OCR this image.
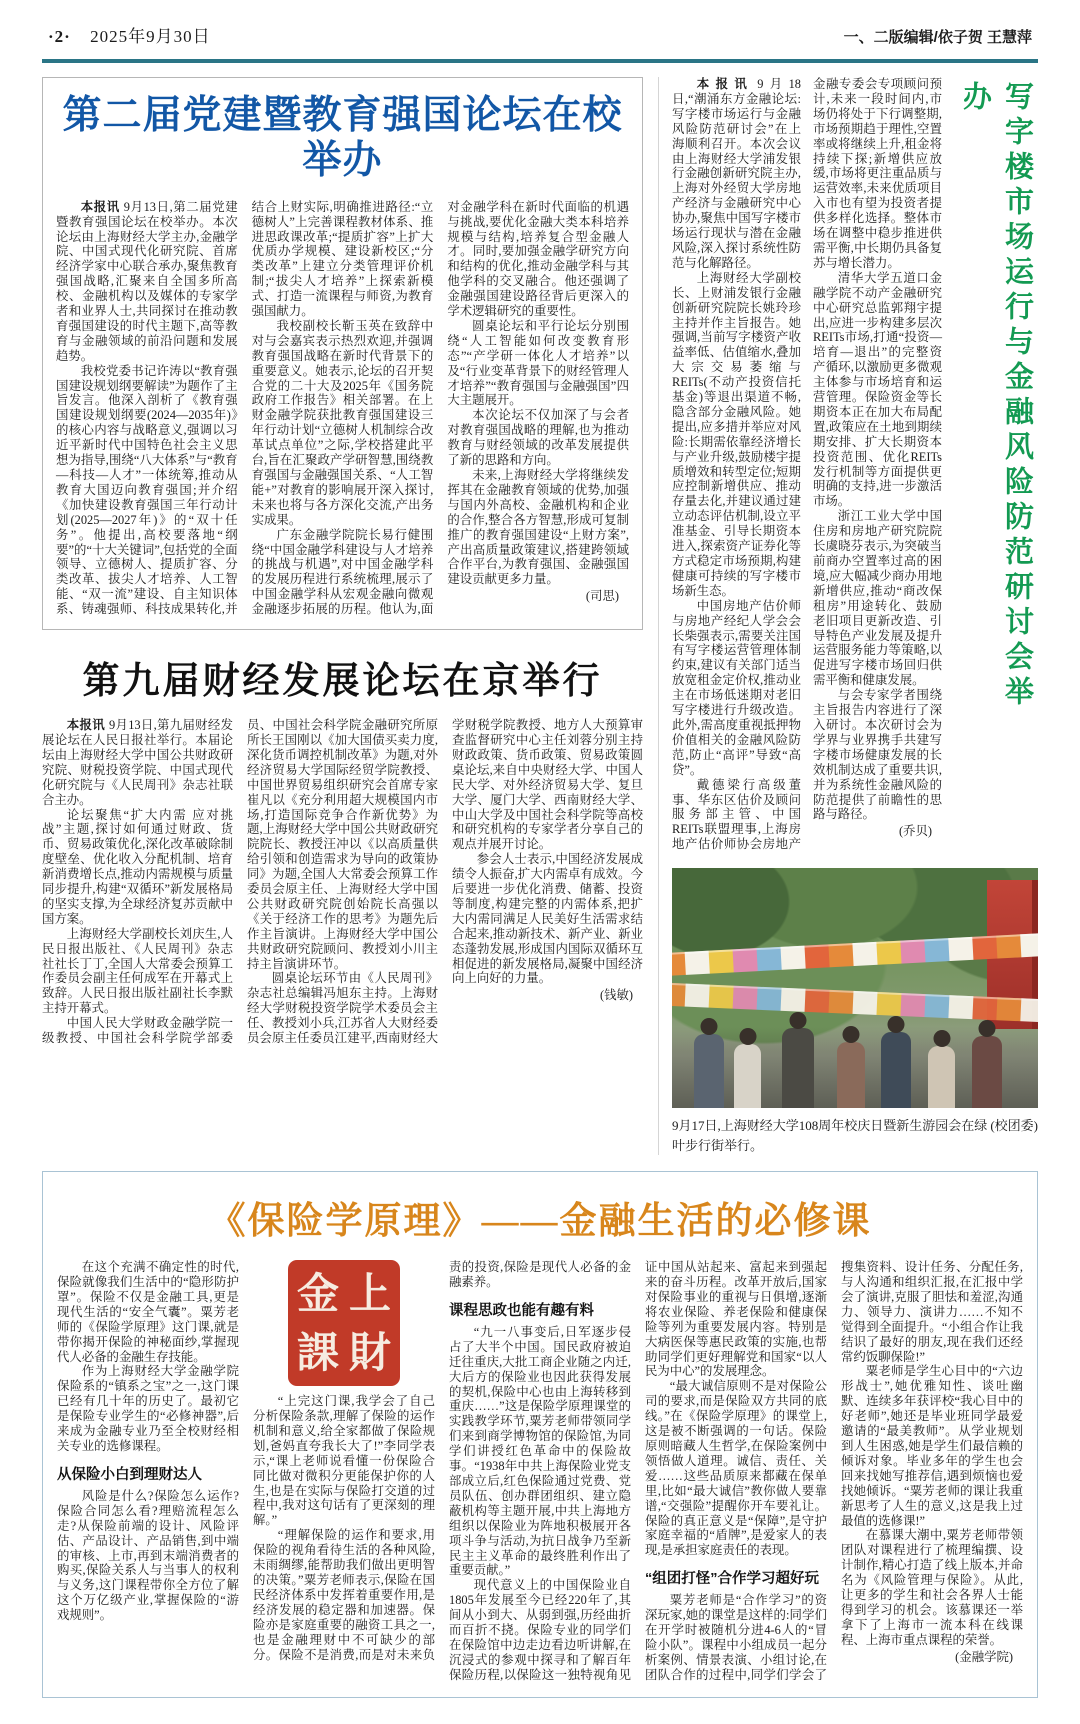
·2· 2025年9月30日	一、二版编辑/依子贺 王慧萍
第二届党建暨教育强国论坛在校举办

本报讯 9月13日,第二届党建暨教育强国论坛在校举办。本次论坛由上海财经大学主办,金融学院、中国式现代化研究院、首席经济学家中心联合承办,聚焦教育强国战略,汇聚来自全国多所高校、金融机构以及媒体的专家学者和业界人士,共同探讨在推动教育强国建设的时代主题下,高等教育与金融领域的前沿问题和发展趋势。

我校党委书记许涛以“教育强国建设规划纲要解读”为题作了主旨发言。他深入剖析了《教育强国建设规划纲要(2024—2035年)》的核心内容与战略意义,强调以习近平新时代中国特色社会主义思想为指导,围绕“八大体系”与“教育—科技—人才”一体统筹,推动从教育大国迈向教育强国;并介绍《加快建设教育强国三年行动计划(2025—2027年)》的“双十任务”。他提出,高校要落地“纲要”的“十大关键词”,包括党的全面领导、立德树人、提质扩容、分类改革、拔尖人才培养、人工智能、“双一流”建设、自主知识体系、铸魂强师、科技成果转化,并结合上财实际,明确推进路径:“立德树人”上完善课程教材体系、推进思政课改革;“提质扩容”上扩大优质办学规模、建设新校区;“分类改革”上建立分类管理评价机制;“拔尖人才培养”上探索新模式、打造一流课程与师资,为教育强国献力。

我校副校长靳玉英在致辞中对与会嘉宾表示热烈欢迎,并强调教育强国战略在新时代背景下的重要意义。她表示,论坛的召开契合党的二十大及2025年《国务院政府工作报告》相关部署。在上财金融学院获批教育强国建设三年行动计划“立德树人机制综合改革试点单位”之际,学校搭建此平台,旨在汇聚政产学研智慧,围绕教育强国与金融强国关系、“人工智能+”对教育的影响展开深入探讨,未来也将与各方深化交流,产出务实成果。

广东金融学院院长易行健围绕“中国金融学科建设与人才培养的挑战与机遇”,对中国金融学科的发展历程进行系统梳理,展示了中国金融学科从宏观金融向微观金融逐步拓展的历程。他认为,面对金融学科在新时代面临的机遇与挑战,要优化金融大类本科培养规模与结构,培养复合型金融人才。同时,要加强金融学研究方向和结构的优化,推动金融学科与其他学科的交叉融合。他还强调了金融强国建设路径背后更深入的学术逻辑研究的重要性。

圆桌论坛和平行论坛分别围绕“人工智能如何改变教育形态”“产学研一体化人才培养”以及“行业变革背景下的财经管理人才培养”“教育强国与金融强国”四大主题展开。

本次论坛不仅加深了与会者对教育强国战略的理解,也为推动教育与财经领域的改革发展提供了新的思路和方向。

未来,上海财经大学将继续发挥其在金融教育领域的优势,加强与国内外高校、金融机构和企业的合作,整合各方智慧,形成可复制推广的教育强国建设“上财方案”,产出高质量政策建议,搭建跨领域合作平台,为教育强国、金融强国建设贡献更多力量。

(司思)

第九届财经发展论坛在京举行

本报讯 9月13日,第九届财经发展论坛在人民日报社举行。本届论坛由上海财经大学中国公共财政研究院、财税投资学院、中国式现代化研究院与《人民周刊》杂志社联合主办。

论坛聚焦“扩大内需 应对挑战”主题,探讨如何通过财政、货币、贸易政策优化,深化改革破除制度壁垒、优化收入分配机制、培育新消费增长点,推动内需规模与质量同步提升,构建“双循环”新发展格局的坚实支撑,为全球经济复苏贡献中国方案。

上海财经大学副校长刘庆生,人民日报出版社、《人民周刊》杂志社社长丁丁,全国人大常委会预算工作委员会副主任何成军在开幕式上致辞。人民日报出版社副社长李默主持开幕式。

中国人民大学财政金融学院一级教授、中国社会科学院学部委员、中国社会科学院金融研究所原所长王国刚以《加大国债买卖力度,深化货币调控机制改革》为题,对外经济贸易大学国际经贸学院教授、中国世界贸易组织研究会首席专家崔凡以《充分利用超大规模国内市场,打造国际竞争合作新优势》为题,上海财经大学中国公共财政研究院院长、教授汪冲以《以高质量供给引领和创造需求为导向的政策协同》为题,全国人大常委会预算工作委员会原主任、上海财经大学中国公共财政研究院创始院长高强以《关于经济工作的思考》为题先后作主旨演讲。上海财经大学中国公共财政研究院顾问、教授刘小川主持主旨演讲环节。

圆桌论坛环节由《人民周刊》杂志社总编辑冯旭东主持。上海财经大学财税投资学院学术委员会主任、教授刘小兵,江苏省人大财经委员会原主任委员江建平,西南财经大学财税学院教授、地方人大预算审查监督研究中心主任刘蓉分别主持财政政策、货币政策、贸易政策圆桌论坛,来自中央财经大学、中国人民大学、对外经济贸易大学、复旦大学、厦门大学、西南财经大学、中山大学及中国社会科学院等高校和研究机构的专家学者分享自己的观点并展开讨论。

参会人士表示,中国经济发展成绩令人振奋,扩大内需卓有成效。今后要进一步优化消费、储蓄、投资等制度,构建完整的内需体系,把扩大内需同满足人民美好生活需求结合起来,推动新技术、新产业、新业态蓬勃发展,形成国内国际双循环互相促进的新发展格局,凝聚中国经济向上向好的力量。

(钱敏)

本报讯 9月18日,“潮涌东方金融论坛:写字楼市场运行与金融风险防范研讨会”在上海顺利召开。本次会议由上海财经大学浦发银行金融创新研究院主办,上海对外经贸大学房地产经济与金融研究中心协办,聚焦中国写字楼市场运行现状与潜在金融风险,深入探讨系统性防范与化解路径。

上海财经大学副校长、上财浦发银行金融创新研究院院长姚玲珍主持并作主旨报告。她强调,当前写字楼资产收益率低、估值缩水,叠加大宗交易萎缩与REITs(不动产投资信托基金)等退出渠道不畅,隐含部分金融风险。她提出,应多措并举应对风险:长期需依靠经济增长与产业升级,鼓励楼宇提质增效和转型定位;短期应控制新增供应、推动存量去化,并建议通过建立动态评估机制,设立平准基金、引导长期资本进入,探索资产证券化等方式稳定市场预期,构建健康可持续的写字楼市场新生态。

中国房地产估价师与房地产经纪人学会会长柴强表示,需要关注国有写字楼运营管理体制约束,建议有关部门适当放宽租金定价权,推动业主在市场低迷期对老旧写字楼进行升级改造。此外,需高度重视抵押物价值相关的金融风险防范,防止“高评”导致“高贷”。

戴德梁行高级董事、华东区估价及顾问服务部主管、中国REITs联盟理事,上海房地产估价师协会房地产金融专委会专项顾问预计,未来一段时间内,市场仍将处于下行调整期,市场预期趋于理性,空置率或将继续上升,租金将持续下探;新增供应放缓,市场将更注重品质与运营效率,未来优质项目入市也有望为投资者提供多样化选择。整体市场在调整中稳步推进供需平衡,中长期仍具备复苏与增长潜力。

清华大学五道口金融学院不动产金融研究中心研究总监郭翔宇提出,应进一步构建多层次REITs市场,打通“投资—培育—退出”的完整资产循环,以激励更多微观主体参与市场培育和运营管理。保险资金等长期资本正在加大布局配置,政策应在土地到期续期安排、扩大长期资本投资范围、优化REITs发行机制等方面提供更明确的支持,进一步激活市场。

浙江工业大学中国住房和房地产研究院院长虞晓芬表示,为突破当前商办空置率过高的困境,应大幅减少商办用地新增供应,推动“商改保租房”用途转化、鼓励老旧项目更新改造、引导特色产业发展及提升运营服务能力等策略,以促进写字楼市场回归供需平衡和健康发展。

与会专家学者围绕主旨报告内容进行了深入研讨。本次研讨会为学界与业界携手共建写字楼市场健康发展的长效机制达成了重要共识,并为系统性金融风险的防范提供了前瞻性的思路与路径。

(乔贝)

写字楼市场运行与金融风险防范研讨会举办
(校团委)
9月17日,上海财经大学108周年校庆日暨新生游园会在绿叶步行街举行。
《保险学原理》——金融生活的必修课

在这个充满不确定性的时代,保险就像我们生活中的“隐形防护罩”。保险不仅是金融工具,更是现代生活的“安全气囊”。粟芳老师的《保险学原理》这门课,就是带你揭开保险的神秘面纱,掌握现代人必备的金融生存技能。

作为上海财经大学金融学院保险系的“镇系之宝”之一,这门课已经有几十年的历史了。最初它是保险专业学生的“必修神器”,后来成为金融专业乃至全校财经相关专业的选修课程。

从保险小白到理财达人

风险是什么?保险怎么运作?保险合同怎么看?理赔流程怎么走?从保险前端的设计、风险评估、产品设计、产品销售,到中端的审核、上市,再到末端消费者的购买,保险关系人与当事人的权利与义务,这门课程带你全方位了解这个万亿级产业,掌握保险的“游戏规则”。

金 上
課 財

“上完这门课,我学会了自己分析保险条款,理解了保险的运作机制和意义,给全家都做了保险规划,爸妈直夸我长大了!”李同学表示,“课上老师说看懂一份保险合同比做对微积分更能保护你的人生,也是在实际与保险打交道的过程中,我对这句话有了更深刻的理解。”

“理解保险的运作和要求,用保险的视角看待生活的各种风险,未雨绸缪,能帮助我们做出更明智的决策。”粟芳老师表示,保险在国民经济体系中发挥着重要作用,是经济发展的稳定器和加速器。保险亦是家庭重要的融资工具之一,也是金融理财中不可缺少的部分。保险不是消费,而是对未来负责的投资,保险是现代人必备的金融素养。

课程思政也能有趣有料

“九一八事变后,日军逐步侵占了大半个中国。国民政府被迫迁往重庆,大批工商企业随之内迁,大后方的保险业也因此获得发展的契机,保险中心也由上海转移到重庆……”这是保险学原理课堂的实践教学环节,粟芳老师带领同学们来到商学博物馆的保险馆,为同学们讲授红色革命中的保险故事。“1938年中共上海保险业党支部成立后,红色保险通过党费、党员队伍、创办群团组织、建立隐蔽机构等主题开展,中共上海地方组织以保险业为阵地积极展开各项斗争与活动,为抗日战争乃至新民主主义革命的最终胜利作出了重要贡献。”

现代意义上的中国保险业自1805年发展至今已经220年了,其间从小到大、从弱到强,历经曲折而百折不挠。保险专业的同学们在保险馆中边走边看边听讲解,在沉浸式的参观中探寻和了解百年保险历程,以保险这一独特视角见证中国从站起来、富起来到强起来的奋斗历程。改革开放后,国家对保险事业的重视与日俱增,逐渐将农业保险、养老保险和健康保险等列为重要发展内容。特别是大病医保等惠民政策的实施,也帮助同学们更好理解党和国家“以人民为中心”的发展理念。

“最大诚信原则不是对保险公司的要求,而是保险双方共同的底线。”在《保险学原理》的课堂上,这是被不断强调的一句话。保险原则暗藏人生哲学,在保险案例中领悟做人道理。诚信、责任、关爱……这些品质原来都藏在保单里,比如“最大诚信”教你做人要靠谱,“交强险”提醒你开车要礼让。保险的真正意义是“保障”,是守护家庭幸福的“盾牌”,是爱家人的表现,是承担家庭责任的表现。

“组团打怪”合作学习超好玩

粟芳老师是“合作学习”的资深玩家,她的课堂是这样的:同学们在开学时被随机分进4-6人的“冒险小队”。课程中小组成员一起分析案例、情景表演、小组讨论,在团队合作的过程中,同学们学会了搜集资料、设计任务、分配任务,与人沟通和组织汇报,在汇报中学会了演讲,克服了胆怯和羞涩,沟通力、领导力、演讲力……不知不觉得到全面提升。“小组合作让我结识了最好的朋友,现在我们还经常约饭聊保险!”

粟老师是学生心目中的“六边形战士”,她优雅知性、谈吐幽默、连续多年获评校“我心目中的好老师”,她还是毕业班同学最爱邀请的“最美教师”。从学业规划到人生困惑,她是学生们最信赖的倾诉对象。毕业多年的学生也会回来找她写推荐信,遇到烦恼也爱找她倾诉。“粟芳老师的课让我重新思考了人生的意义,这是我上过最值的选修课!”

在慕课大潮中,粟芳老师带领团队对课程进行了梳理编撰、设计制作,精心打造了线上版本,并命名为《风险管理与保险》。从此,让更多的学生和社会各界人士能得到学习的机会。该慕课还一举拿下了上海市一流本科在线课程、上海市重点课程的荣誉。

(金融学院)
